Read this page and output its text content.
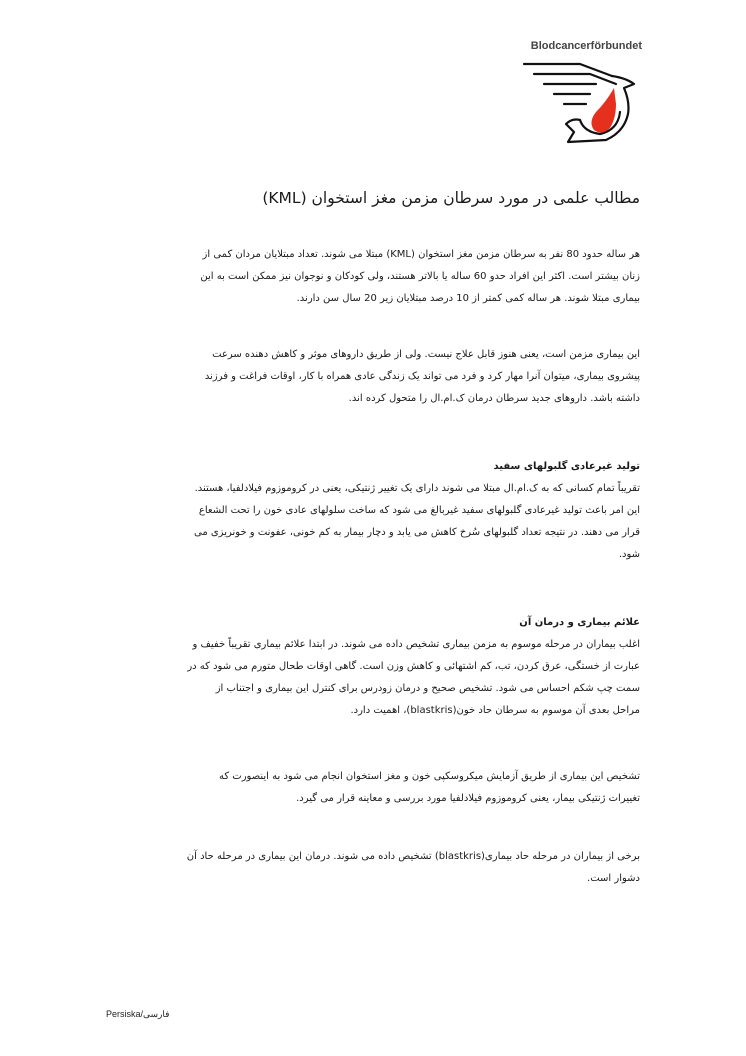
Blodcancerförbundet
مطالب علمی در مورد سرطان مزمن مغز استخوان (KML)

هر ساله حدود 80 نفر به سرطان مزمن مغز استخوان (KML) مبتلا می شوند. تعداد مبتلایان مردان کمی از

زنان بیشتر است. اکثر این افراد حدو 60 ساله یا بالاتر هستند، ولی کودکان و نوجوان نیز ممکن است به این

بیماری مبتلا شوند. هر ساله کمی کمتر از 10 درصد مبتلایان زیر 20 سال سن دارند.

این بیماری مزمن است، یعنی هنوز قابل علاج نیست. ولی از طریق داروهای موثر و کاهش دهنده سرعت

پیشروی بیماری، میتوان آنرا مهار کرد و فرد می تواند یک زندگی عادی همراه با کار، اوقات فراغت و فرزند

داشته باشد. داروهای جدید سرطان درمان ک.ام.ال را متحول کرده اند.

تولید غیرعادی گلبولهای سفید

تقریباً تمام کسانی که به ک.ام.ال مبتلا می شوند دارای یک تغییر ژنتیکی، یعنی در کروموزوم فیلادلفیا، هستند.

این امر باعث تولید غیرعادی گلبولهای سفید غیربالغ می شود که ساخت سلولهای عادی خون را تحت الشعاع

قرار می دهند. در نتیجه تعداد گلبولهای سُرخ کاهش می یابد و دچار بیمار به کم خونی، عفونت و خونریزی می

شود.

علائم بیماری و درمان آن

اغلب بیماران در مرحله موسوم به مزمن بیماری تشخیص داده می شوند. در ابتدا علائم بیماری تقریباً خفیف و

عبارت از خستگی، عرق کردن، تب، کم اشتهائی و کاهش وزن است. گاهی اوقات طحال متورم می شود که در

سمت چپ شکم احساس می شود. تشخیص صحیح و درمان زودرس برای کنترل این بیماری و اجتناب از

مراحل بعدی آن موسوم به سرطان حاد خون(blastkris)، اهمیت دارد.

تشخیص این بیماری از طریق آزمایش میکروسکپی خون و مغز استخوان انجام می شود به اینصورت که

تغییرات ژنتیکی بیمار، یعنی کروموزوم فیلادلفیا مورد بررسی و معاینه قرار می گیرد.

برخی از بیماران در مرحله حاد بیماری(blastkris) تشخیص داده می شوند. درمان این بیماری در مرحله حاد آن

دشوار است.

Persiska/فارسی
